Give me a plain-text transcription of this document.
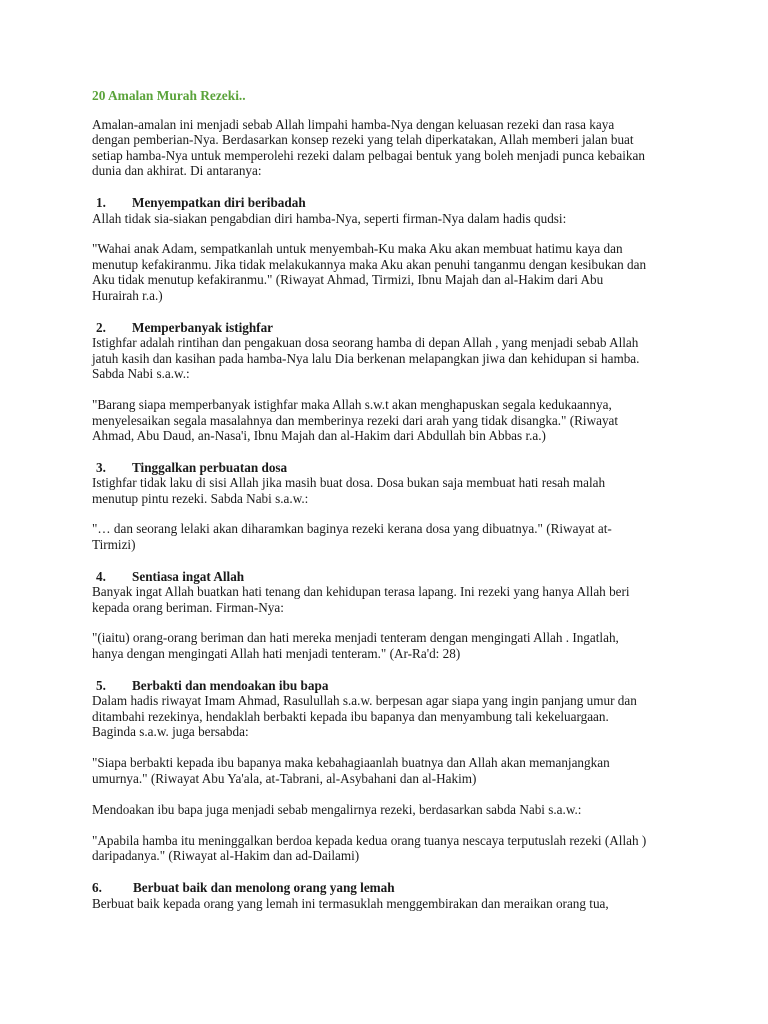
20 Amalan Murah Rezeki..

Amalan-amalan ini menjadi sebab Allah limpahi hamba-Nya dengan keluasan rezeki dan rasa kaya dengan pemberian-Nya. Berdasarkan konsep rezeki yang telah diperkatakan, Allah memberi jalan buat setiap hamba-Nya untuk memperolehi rezeki dalam pelbagai bentuk yang boleh menjadi punca kebaikan dunia dan akhirat. Di antaranya:

1. Menyempatkan diri beribadah

Allah tidak sia-siakan pengabdian diri hamba-Nya, seperti firman-Nya dalam hadis qudsi:

"Wahai anak Adam, sempatkanlah untuk menyembah-Ku maka Aku akan membuat hatimu kaya dan menutup kefakiranmu. Jika tidak melakukannya maka Aku akan penuhi tanganmu dengan kesibukan dan Aku tidak menutup kefakiranmu." (Riwayat Ahmad, Tirmizi, Ibnu Majah dan al-Hakim dari Abu Hurairah r.a.)

2. Memperbanyak istighfar

Istighfar adalah rintihan dan pengakuan dosa seorang hamba di depan Allah , yang menjadi sebab Allah jatuh kasih dan kasihan pada hamba-Nya lalu Dia berkenan melapangkan jiwa dan kehidupan si hamba. Sabda Nabi s.a.w.:

"Barang siapa memperbanyak istighfar maka Allah s.w.t akan menghapuskan segala kedukaannya, menyelesaikan segala masalahnya dan memberinya rezeki dari arah yang tidak disangka." (Riwayat Ahmad, Abu Daud, an-Nasa'i, Ibnu Majah dan al-Hakim dari Abdullah bin Abbas r.a.)

3. Tinggalkan perbuatan dosa

Istighfar tidak laku di sisi Allah jika masih buat dosa. Dosa bukan saja membuat hati resah malah menutup pintu rezeki. Sabda Nabi s.a.w.:

"… dan seorang lelaki akan diharamkan baginya rezeki kerana dosa yang dibuatnya." (Riwayat at-Tirmizi)

4. Sentiasa ingat Allah

Banyak ingat Allah buatkan hati tenang dan kehidupan terasa lapang. Ini rezeki yang hanya Allah beri kepada orang beriman. Firman-Nya:

"(iaitu) orang-orang beriman dan hati mereka menjadi tenteram dengan mengingati Allah . Ingatlah, hanya dengan mengingati Allah hati menjadi tenteram." (Ar-Ra'd: 28)

5. Berbakti dan mendoakan ibu bapa

Dalam hadis riwayat Imam Ahmad, Rasulullah s.a.w. berpesan agar siapa yang ingin panjang umur dan ditambahi rezekinya, hendaklah berbakti kepada ibu bapanya dan menyambung tali kekeluargaan. Baginda s.a.w. juga bersabda:

"Siapa berbakti kepada ibu bapanya maka kebahagiaanlah buatnya dan Allah akan memanjangkan umurnya." (Riwayat Abu Ya'ala, at-Tabrani, al-Asybahani dan al-Hakim)

Mendoakan ibu bapa juga menjadi sebab mengalirnya rezeki, berdasarkan sabda Nabi s.a.w.:

"Apabila hamba itu meninggalkan berdoa kepada kedua orang tuanya nescaya terputuslah rezeki (Allah ) daripadanya." (Riwayat al-Hakim dan ad-Dailami)

6. Berbuat baik dan menolong orang yang lemah

Berbuat baik kepada orang yang lemah ini termasuklah menggembirakan dan meraikan orang tua,
